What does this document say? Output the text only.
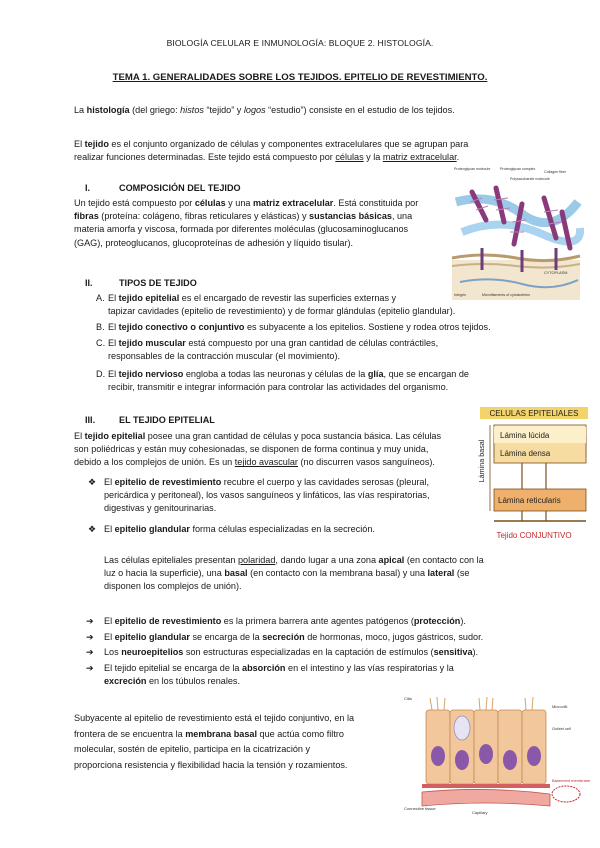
BIOLOGÍA CELULAR E INMUNOLOGÍA: BLOQUE 2. HISTOLOGÍA.
TEMA 1. GENERALIDADES SOBRE LOS TEJIDOS. EPITELIO DE REVESTIMIENTO.
La histología (del griego: histos “tejido” y logos “estudio”) consiste en el estudio de los tejidos.
El tejido es el conjunto organizado de células y componentes extracelulares que se agrupan para
realizar funciones determinadas. Este tejido está compuesto por células y la matriz extracelular.
I.	COMPOSICIÓN DEL TEJIDO
Un tejido está compuesto por células y una matriz extracelular. Está constituida por
fibras (proteína: colágeno, fibras reticulares y elásticas) y sustancias básicas, una
materia amorfa y viscosa, formada por diferentes moléculas (glucosaminoglucanos
(GAG), proteoglucanos, glucoproteínas de adhesión y líquido tisular).
II.	TIPOS DE TEJIDO
A. El tejido epitelial es el encargado de revestir las superficies externas y
tapizar cavidades (epitelio de revestimiento) y de formar glándulas (epitelio glandular).
B. El tejido conectivo o conjuntivo es subyacente a los epitelios. Sostiene y rodea otros tejidos.
C. El tejido muscular está compuesto por una gran cantidad de células contráctiles,
responsables de la contracción muscular (el movimiento).
D. El tejido nervioso engloba a todas las neuronas y células de la glía, que se encargan de
recibir, transmitir e integrar información para controlar las actividades del organismo.
III.	EL TEJIDO EPITELIAL
El tejido epitelial posee una gran cantidad de células y poca sustancia básica. Las células
son poliédricas y están muy cohesionadas, se disponen de forma continua y muy unida,
debido a los complejos de unión. Es un tejido avascular (no discurren vasos sanguíneos).
❖ El epitelio de revestimiento recubre el cuerpo y las cavidades serosas (pleural,
pericárdica y peritoneal), los vasos sanguíneos y linfáticos, las vías respiratorias,
digestivas y genitourinarias.
❖ El epitelio glandular forma células especializadas en la secreción.
Las células epiteliales presentan polaridad, dando lugar a una zona apical (en contacto con la
luz o hacia la superficie), una basal (en contacto con la membrana basal) y una lateral (se
disponen los complejos de unión).
➔ El epitelio de revestimiento es la primera barrera ante agentes patógenos (protección).
➔ El epitelio glandular se encarga de la secreción de hormonas, moco, jugos gástricos, sudor.
➔ Los neuroepitelios son estructuras especializadas en la captación de estímulos (sensitiva).
➔ El tejido epitelial se encarga de la absorción en el intestino y las vías respiratorias y la
excreción en los túbulos renales.
Subyacente al epitelio de revestimiento está el tejido conjuntivo, en la
frontera de se encuentra la membrana basal que actúa como filtro
molecular, sostén de epitelio, participa en la cicatrización y
proporciona resistencia y flexibilidad hacia la tensión y rozamientos.
Proteoglycan molecule	Proteoglycan complex
Collagen fiber
Polysaccharide molecule
CYTOPLASM
Integrin	Microfilaments of cytoskeleton
CELULAS EPITELIALES
Lámina basal
Lámina lúcida
Lámina densa
Lámina reticularis
Tejido CONJUNTIVO
Cilia
Microvilli
Goblet cell
Basement membrane
Capillary
Connective tissue
